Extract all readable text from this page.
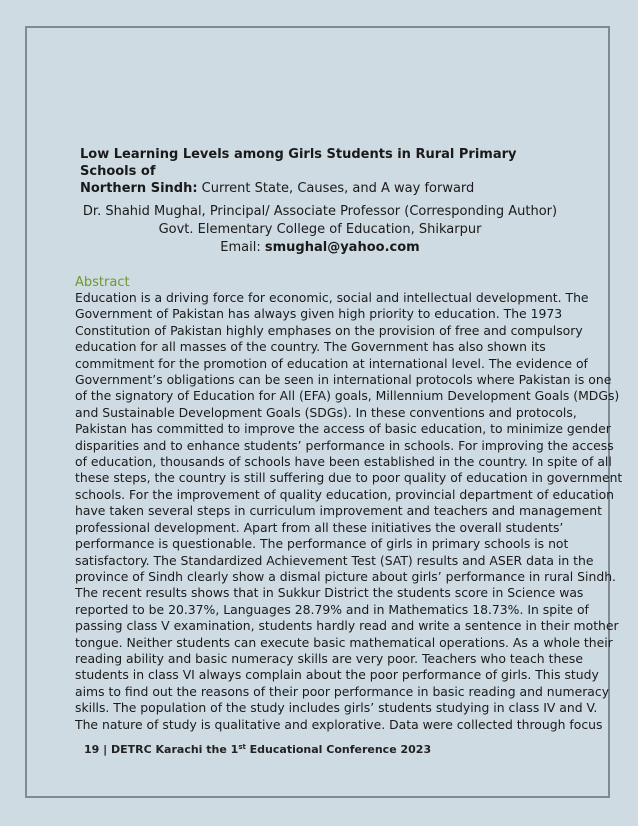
Low Learning Levels among Girls Students in Rural Primary Schools of
Northern Sindh: Current State, Causes, and A way forward
Dr. Shahid Mughal, Principal/ Associate Professor (Corresponding Author)
Govt. Elementary College of Education, Shikarpur
Email: smughal@yahoo.com
Abstract
Education is a driving force for economic, social and intellectual development. The
Government of Pakistan has always given high priority to education. The 1973
Constitution of Pakistan highly emphases on the provision of free and compulsory
education for all masses of the country. The Government has also shown its
commitment for the promotion of education at international level. The evidence of
Government’s obligations can be seen in international protocols where Pakistan is one
of the signatory of Education for All (EFA) goals, Millennium Development Goals (MDGs)
and Sustainable Development Goals (SDGs). In these conventions and protocols,
Pakistan has committed to improve the access of basic education, to minimize gender
disparities and to enhance students’ performance in schools. For improving the access
of education, thousands of schools have been established in the country. In spite of all
these steps, the country is still suffering due to poor quality of education in government
schools. For the improvement of quality education, provincial department of education
have taken several steps in curriculum improvement and teachers and management
professional development. Apart from all these initiatives the overall students’
performance is questionable. The performance of girls in primary schools is not
satisfactory. The Standardized Achievement Test (SAT) results and ASER data in the
province of Sindh clearly show a dismal picture about girls’ performance in rural Sindh.
The recent results shows that in Sukkur District the students score in Science was
reported to be 20.37%, Languages 28.79% and in Mathematics 18.73%. In spite of
passing class V examination, students hardly read and write a sentence in their mother
tongue. Neither students can execute basic mathematical operations. As a whole their
reading ability and basic numeracy skills are very poor. Teachers who teach these
students in class VI always complain about the poor performance of girls. This study
aims to find out the reasons of their poor performance in basic reading and numeracy
skills. The population of the study includes girls’ students studying in class IV and V.
The nature of study is qualitative and explorative. Data were collected through focus
19 | DETRC Karachi the 1st Educational Conference 2023
